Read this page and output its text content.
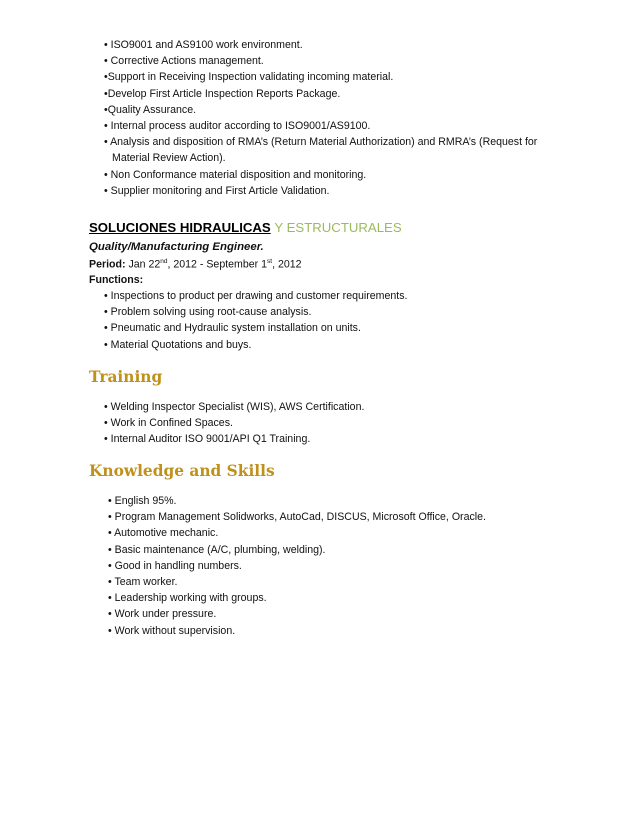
• ISO9001 and AS9100 work environment.
• Corrective Actions management.
•Support in Receiving Inspection validating incoming material.
•Develop First Article Inspection Reports Package.
•Quality Assurance.
• Internal process auditor according to ISO9001/AS9100.
• Analysis and disposition of RMA’s (Return Material Authorization) and RMRA’s (Request for
Material Review Action).
• Non Conformance material disposition and monitoring.
• Supplier monitoring and First Article Validation.
SOLUCIONES HIDRAULICAS Y ESTRUCTURALES
Quality/Manufacturing Engineer.
Period: Jan 22nd, 2012 - September 1st, 2012
Functions:
• Inspections to product per drawing and customer requirements.
• Problem solving using root-cause analysis.
• Pneumatic and Hydraulic system installation on units.
• Material Quotations and buys.
Training
• Welding Inspector Specialist (WIS), AWS Certification.
• Work in Confined Spaces.
• Internal Auditor ISO 9001/API Q1 Training.
Knowledge and Skills
• English 95%.
• Program Management Solidworks, AutoCad, DISCUS, Microsoft Office, Oracle.
• Automotive mechanic.
• Basic maintenance (A/C, plumbing, welding).
• Good in handling numbers.
• Team worker.
• Leadership working with groups.
• Work under pressure.
• Work without supervision.
